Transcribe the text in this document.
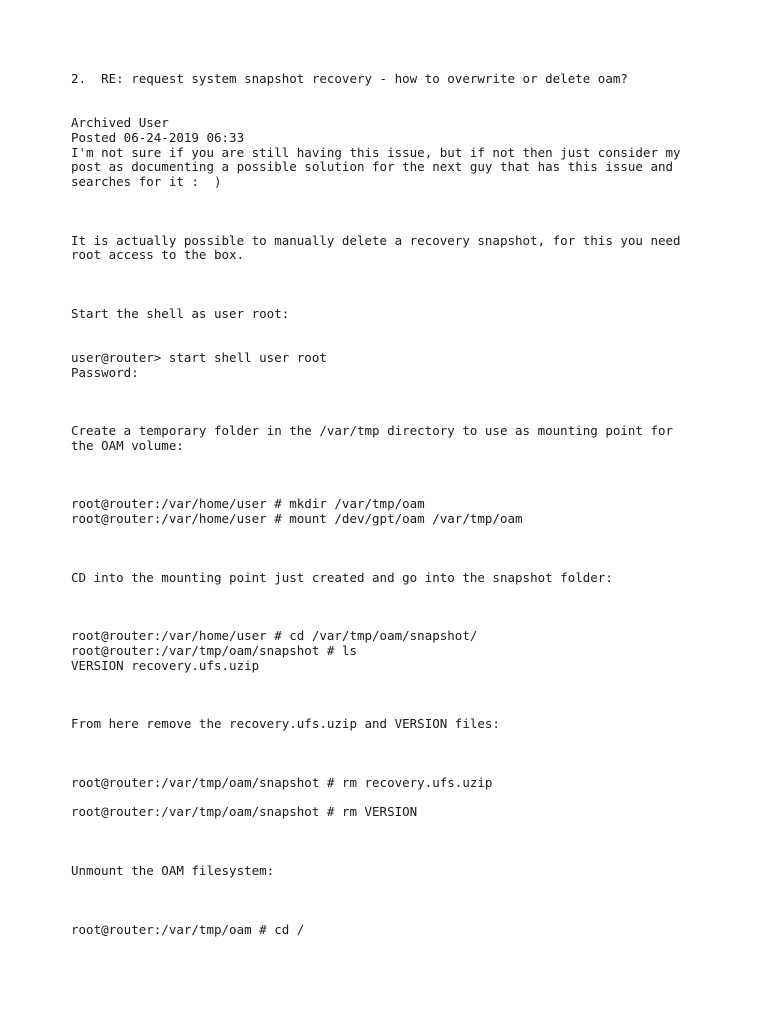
2.  RE: request system snapshot recovery - how to overwrite or delete oam?

Archived User

Posted 06-24-2019 06:33

I'm not sure if you are still having this issue, but if not then just consider my

post as documenting a possible solution for the next guy that has this issue and

searches for it :  )

It is actually possible to manually delete a recovery snapshot, for this you need

root access to the box.

Start the shell as user root:

user@router> start shell user root

Password:

Create a temporary folder in the /var/tmp directory to use as mounting point for

the OAM volume:

root@router:/var/home/user # mkdir /var/tmp/oam

root@router:/var/home/user # mount /dev/gpt/oam /var/tmp/oam

CD into the mounting point just created and go into the snapshot folder:

root@router:/var/home/user # cd /var/tmp/oam/snapshot/

root@router:/var/tmp/oam/snapshot # ls

VERSION recovery.ufs.uzip

From here remove the recovery.ufs.uzip and VERSION files:

root@router:/var/tmp/oam/snapshot # rm recovery.ufs.uzip

root@router:/var/tmp/oam/snapshot # rm VERSION

Unmount the OAM filesystem:

root@router:/var/tmp/oam # cd /
